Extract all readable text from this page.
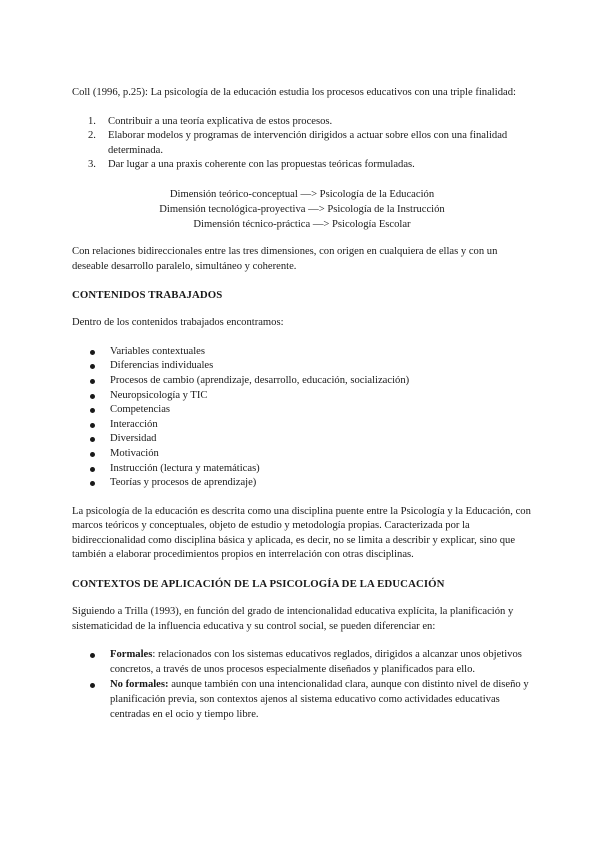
Coll (1996, p.25): La psicología de la educación estudia los procesos educativos con una triple finalidad:

1. Contribuir a una teoría explicativa de estos procesos.
2. Elaborar modelos y programas de intervención dirigidos a actuar sobre ellos con una finalidad determinada.
3. Dar lugar a una praxis coherente con las propuestas teóricas formuladas.
Dimensión teórico-conceptual —> Psicología de la Educación
Dimensión tecnológica-proyectiva —> Psicología de la Instrucción
Dimensión técnico-práctica —> Psicología Escolar

Con relaciones bidireccionales entre las tres dimensiones, con origen en cualquiera de ellas y con un deseable desarrollo paralelo, simultáneo y coherente.

CONTENIDOS TRABAJADOS

Dentro de los contenidos trabajados encontramos:

Variables contextuales
Diferencias individuales
Procesos de cambio (aprendizaje, desarrollo, educación, socialización)
Neuropsicología y TIC
Competencias
Interacción
Diversidad
Motivación
Instrucción (lectura y matemáticas)
Teorías y procesos de aprendizaje)

La psicología de la educación es descrita como una disciplina puente entre la Psicología y la Educación, con marcos teóricos y conceptuales, objeto de estudio y metodología propias. Caracterizada por la bidireccionalidad como disciplina básica y aplicada, es decir, no se limita a describir y explicar, sino que también a elaborar procedimientos propios en interrelación con otras disciplinas.

CONTEXTOS DE APLICACIÓN DE LA PSICOLOGÍA DE LA EDUCACIÓN

Siguiendo a Trilla (1993), en función del grado de intencionalidad educativa explícita, la planificación y sistematicidad de la influencia educativa y su control social, se pueden diferenciar en:

Formales: relacionados con los sistemas educativos reglados, dirigidos a alcanzar unos objetivos concretos, a través de unos procesos especialmente diseñados y planificados para ello.
No formales: aunque también con una intencionalidad clara, aunque con distinto nivel de diseño y planificación previa, son contextos ajenos al sistema educativo como actividades educativas centradas en el ocio y tiempo libre.
